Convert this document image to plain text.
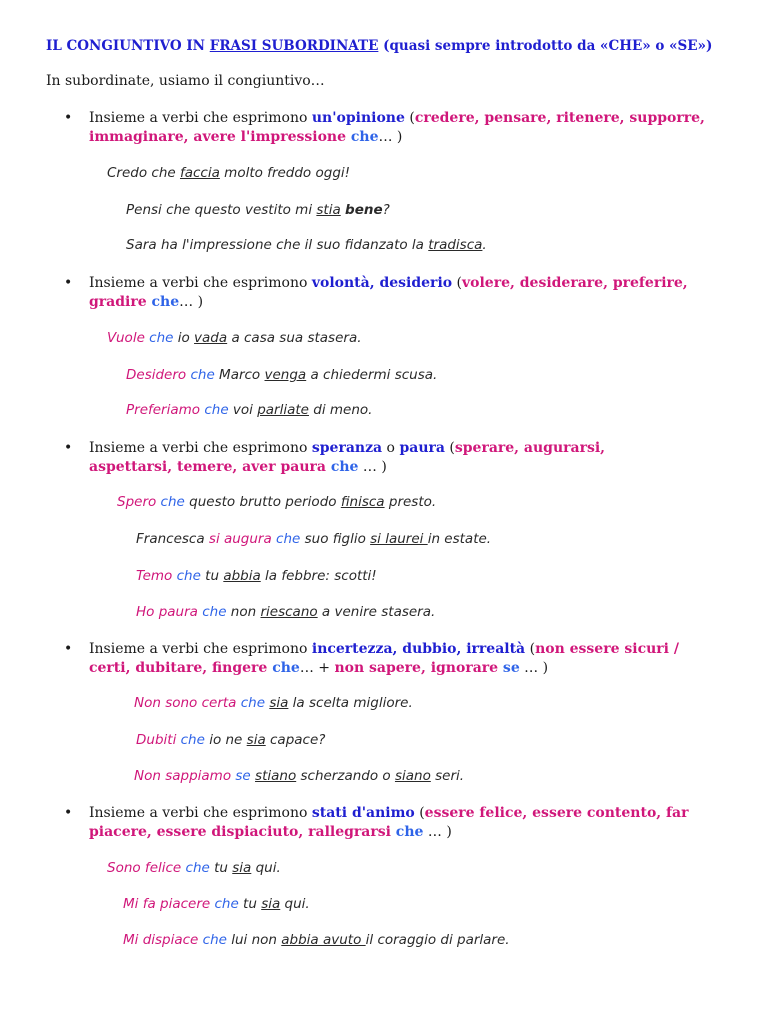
IL CONGIUNTIVO IN FRASI SUBORDINATE (quasi sempre introdotto da «CHE» o «SE»)
In subordinate, usiamo il congiuntivo…
• Insieme a verbi che esprimono un'opinione (credere, pensare, ritenere, supporre,
immaginare, avere l'impressione che… )
Credo che faccia molto freddo oggi!
Pensi che questo vestito mi stia bene?
Sara ha l'impressione che il suo fidanzato la tradisca.
• Insieme a verbi che esprimono volontà, desiderio (volere, desiderare, preferire,
gradire che… )
Vuole che io vada a casa sua stasera.
Desidero che Marco venga a chiedermi scusa.
Preferiamo che voi parliate di meno.
• Insieme a verbi che esprimono speranza o paura (sperare, augurarsi,
aspettarsi, temere, aver paura che … )
Spero che questo brutto periodo finisca presto.
Francesca si augura che suo figlio si laurei in estate.
Temo che tu abbia la febbre: scotti!
Ho paura che non riescano a venire stasera.
• Insieme a verbi che esprimono incertezza, dubbio, irrealtà (non essere sicuri /
certi, dubitare, fingere che… + non sapere, ignorare se … )
Non sono certa che sia la scelta migliore.
Dubiti che io ne sia capace?
Non sappiamo se stiano scherzando o siano seri.
• Insieme a verbi che esprimono stati d'animo (essere felice, essere contento, far
piacere, essere dispiaciuto, rallegrarsi che … )
Sono felice che tu sia qui.
Mi fa piacere che tu sia qui.
Mi dispiace che lui non abbia avuto il coraggio di parlare.
